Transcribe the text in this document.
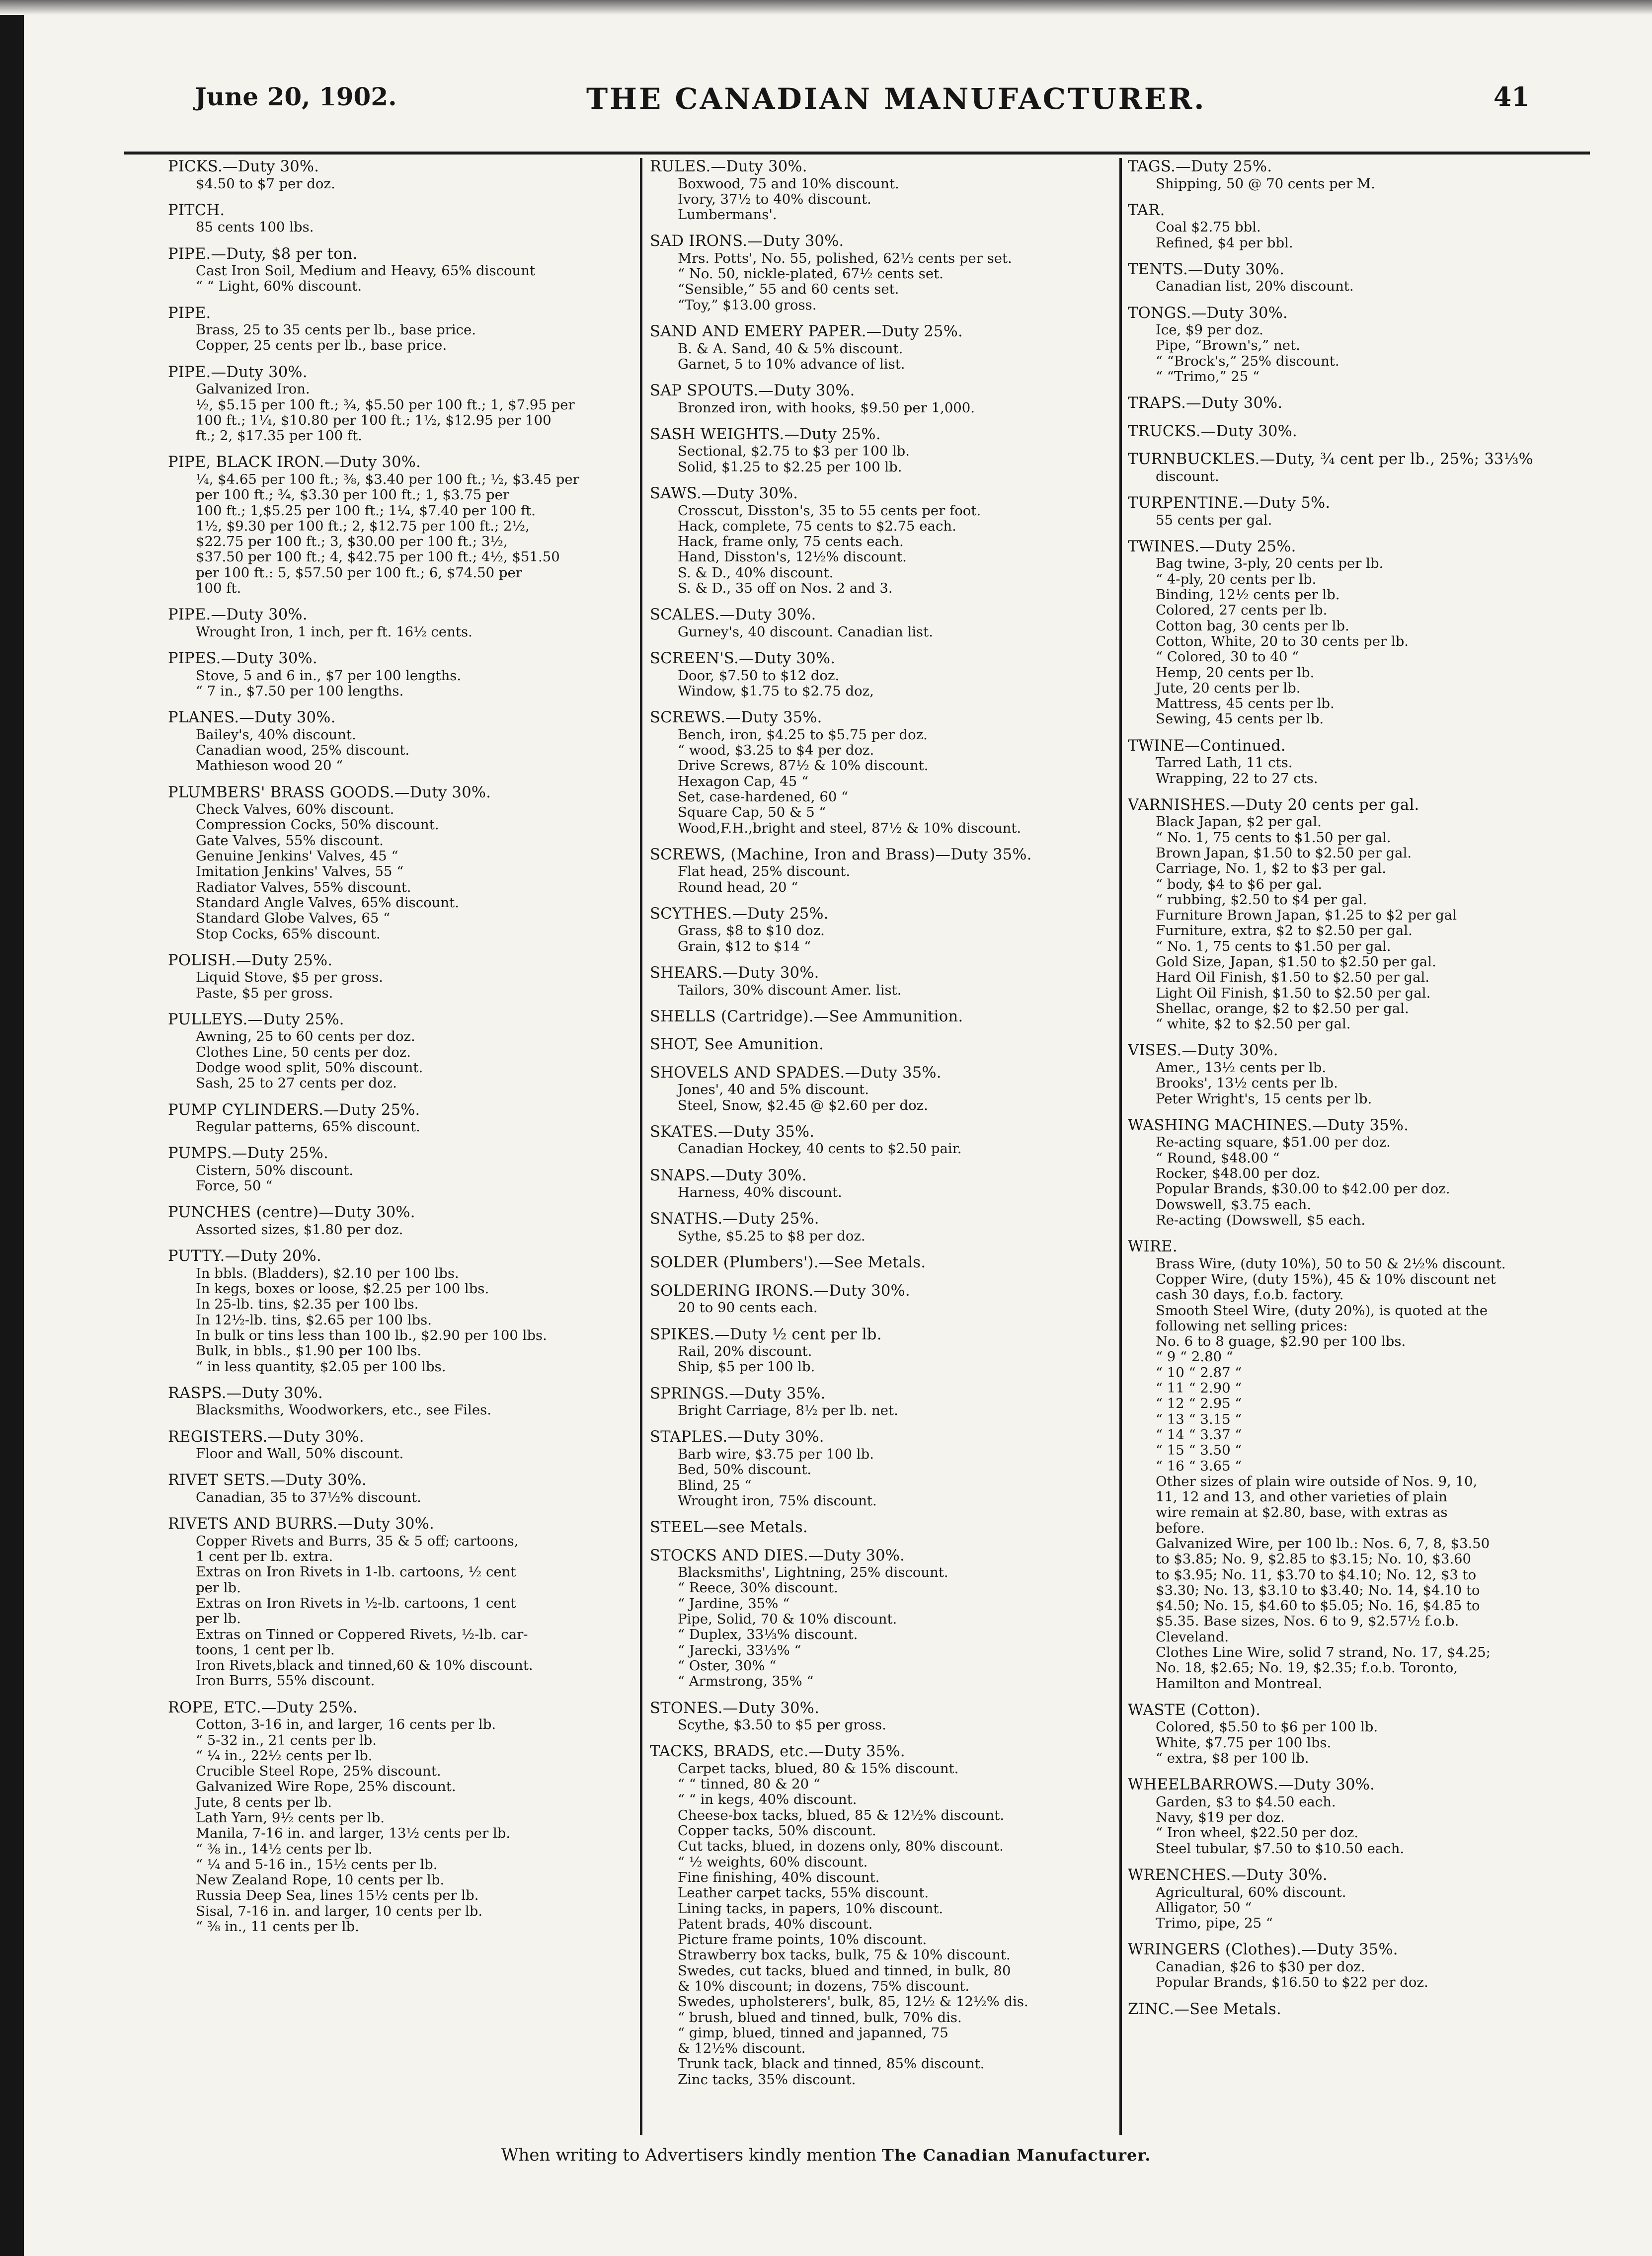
June 20, 1902.	THE CANADIAN MANUFACTURER.	41
PICKS.—Duty 30%.
$4.50 to $7 per doz.
PITCH.
85 cents 100 lbs.
PIPE.—Duty, $8 per ton.
Cast Iron Soil, Medium and Heavy, 65% discount
“ “ Light, 60% discount.
PIPE.
Brass, 25 to 35 cents per lb., base price.
Copper, 25 cents per lb., base price.
PIPE.—Duty 30%.
Galvanized Iron.
½, $5.15 per 100 ft.; ¾, $5.50 per 100 ft.; 1, $7.95 per
100 ft.; 1¼, $10.80 per 100 ft.; 1½, $12.95 per 100
ft.; 2, $17.35 per 100 ft.
PIPE, BLACK IRON.—Duty 30%.
¼, $4.65 per 100 ft.; ⅜, $3.40 per 100 ft.; ½, $3.45 per
per 100 ft.; ¾, $3.30 per 100 ft.; 1, $3.75 per
100 ft.; 1,$5.25 per 100 ft.; 1¼, $7.40 per 100 ft.
1½, $9.30 per 100 ft.; 2, $12.75 per 100 ft.; 2½,
$22.75 per 100 ft.; 3, $30.00 per 100 ft.; 3½,
$37.50 per 100 ft.; 4, $42.75 per 100 ft.; 4½, $51.50
per 100 ft.: 5, $57.50 per 100 ft.; 6, $74.50 per
100 ft.
PIPE.—Duty 30%.
Wrought Iron, 1 inch, per ft. 16½ cents.
PIPES.—Duty 30%.
Stove, 5 and 6 in., $7 per 100 lengths.
“ 7 in., $7.50 per 100 lengths.
PLANES.—Duty 30%.
Bailey's, 40% discount.
Canadian wood, 25% discount.
Mathieson wood 20 “
PLUMBERS' BRASS GOODS.—Duty 30%.
Check Valves, 60% discount.
Compression Cocks, 50% discount.
Gate Valves, 55% discount.
Genuine Jenkins' Valves, 45 “
Imitation Jenkins' Valves, 55 “
Radiator Valves, 55% discount.
Standard Angle Valves, 65% discount.
Standard Globe Valves, 65 “
Stop Cocks, 65% discount.
POLISH.—Duty 25%.
Liquid Stove, $5 per gross.
Paste, $5 per gross.
PULLEYS.—Duty 25%.
Awning, 25 to 60 cents per doz.
Clothes Line, 50 cents per doz.
Dodge wood split, 50% discount.
Sash, 25 to 27 cents per doz.
PUMP CYLINDERS.—Duty 25%.
Regular patterns, 65% discount.
PUMPS.—Duty 25%.
Cistern, 50% discount.
Force, 50 “
PUNCHES (centre)—Duty 30%.
Assorted sizes, $1.80 per doz.
PUTTY.—Duty 20%.
In bbls. (Bladders), $2.10 per 100 lbs.
In kegs, boxes or loose, $2.25 per 100 lbs.
In 25-lb. tins, $2.35 per 100 lbs.
In 12½-lb. tins, $2.65 per 100 lbs.
In bulk or tins less than 100 lb., $2.90 per 100 lbs.
Bulk, in bbls., $1.90 per 100 lbs.
“ in less quantity, $2.05 per 100 lbs.
RASPS.—Duty 30%.
Blacksmiths, Woodworkers, etc., see Files.
REGISTERS.—Duty 30%.
Floor and Wall, 50% discount.
RIVET SETS.—Duty 30%.
Canadian, 35 to 37½% discount.
RIVETS AND BURRS.—Duty 30%.
Copper Rivets and Burrs, 35 & 5 off; cartoons,
1 cent per lb. extra.
Extras on Iron Rivets in 1-lb. cartoons, ½ cent
per lb.
Extras on Iron Rivets in ½-lb. cartoons, 1 cent
per lb.
Extras on Tinned or Coppered Rivets, ½-lb. car-
toons, 1 cent per lb.
Iron Rivets,black and tinned,60 & 10% discount.
Iron Burrs, 55% discount.
ROPE, ETC.—Duty 25%.
Cotton, 3-16 in, and larger, 16 cents per lb.
“ 5-32 in., 21 cents per lb.
“ ¼ in., 22½ cents per lb.
Crucible Steel Rope, 25% discount.
Galvanized Wire Rope, 25% discount.
Jute, 8 cents per lb.
Lath Yarn, 9½ cents per lb.
Manila, 7-16 in. and larger, 13½ cents per lb.
“ ⅜ in., 14½ cents per lb.
“ ¼ and 5-16 in., 15½ cents per lb.
New Zealand Rope, 10 cents per lb.
Russia Deep Sea, lines 15½ cents per lb.
Sisal, 7-16 in. and larger, 10 cents per lb.
“ ⅜ in., 11 cents per lb.
RULES.—Duty 30%.
Boxwood, 75 and 10% discount.
Ivory, 37½ to 40% discount.
Lumbermans'.
SAD IRONS.—Duty 30%.
Mrs. Potts', No. 55, polished, 62½ cents per set.
“ No. 50, nickle-plated, 67½ cents set.
“Sensible,” 55 and 60 cents set.
“Toy,” $13.00 gross.
SAND AND EMERY PAPER.—Duty 25%.
B. & A. Sand, 40 & 5% discount.
Garnet, 5 to 10% advance of list.
SAP SPOUTS.—Duty 30%.
Bronzed iron, with hooks, $9.50 per 1,000.
SASH WEIGHTS.—Duty 25%.
Sectional, $2.75 to $3 per 100 lb.
Solid, $1.25 to $2.25 per 100 lb.
SAWS.—Duty 30%.
Crosscut, Disston's, 35 to 55 cents per foot.
Hack, complete, 75 cents to $2.75 each.
Hack, frame only, 75 cents each.
Hand, Disston's, 12½% discount.
S. & D., 40% discount.
S. & D., 35 off on Nos. 2 and 3.
SCALES.—Duty 30%.
Gurney's, 40 discount. Canadian list.
SCREEN'S.—Duty 30%.
Door, $7.50 to $12 doz.
Window, $1.75 to $2.75 doz,
SCREWS.—Duty 35%.
Bench, iron, $4.25 to $5.75 per doz.
“ wood, $3.25 to $4 per doz.
Drive Screws, 87½ & 10% discount.
Hexagon Cap, 45 “
Set, case-hardened, 60 “
Square Cap, 50 & 5 “
Wood,F.H.,bright and steel, 87½ & 10% discount.
SCREWS, (Machine, Iron and Brass)—Duty 35%.
Flat head, 25% discount.
Round head, 20 “
SCYTHES.—Duty 25%.
Grass, $8 to $10 doz.
Grain, $12 to $14 “
SHEARS.—Duty 30%.
Tailors, 30% discount Amer. list.
SHELLS (Cartridge).—See Ammunition.
SHOT, See Amunition.
SHOVELS AND SPADES.—Duty 35%.
Jones', 40 and 5% discount.
Steel, Snow, $2.45 @ $2.60 per doz.
SKATES.—Duty 35%.
Canadian Hockey, 40 cents to $2.50 pair.
SNAPS.—Duty 30%.
Harness, 40% discount.
SNATHS.—Duty 25%.
Sythe, $5.25 to $8 per doz.
SOLDER (Plumbers').—See Metals.
SOLDERING IRONS.—Duty 30%.
20 to 90 cents each.
SPIKES.—Duty ½ cent per lb.
Rail, 20% discount.
Ship, $5 per 100 lb.
SPRINGS.—Duty 35%.
Bright Carriage, 8½ per lb. net.
STAPLES.—Duty 30%.
Barb wire, $3.75 per 100 lb.
Bed, 50% discount.
Blind, 25 “
Wrought iron, 75% discount.
STEEL—see Metals.
STOCKS AND DIES.—Duty 30%.
Blacksmiths', Lightning, 25% discount.
“ Reece, 30% discount.
“ Jardine, 35% “
Pipe, Solid, 70 & 10% discount.
“ Duplex, 33⅓% discount.
“ Jarecki, 33⅓% “
“ Oster, 30% “
“ Armstrong, 35% “
STONES.—Duty 30%.
Scythe, $3.50 to $5 per gross.
TACKS, BRADS, etc.—Duty 35%.
Carpet tacks, blued, 80 & 15% discount.
“ “ tinned, 80 & 20 “
“ “ in kegs, 40% discount.
Cheese-box tacks, blued, 85 & 12½% discount.
Copper tacks, 50% discount.
Cut tacks, blued, in dozens only, 80% discount.
“ ½ weights, 60% discount.
Fine finishing, 40% discount.
Leather carpet tacks, 55% discount.
Lining tacks, in papers, 10% discount.
Patent brads, 40% discount.
Picture frame points, 10% discount.
Strawberry box tacks, bulk, 75 & 10% discount.
Swedes, cut tacks, blued and tinned, in bulk, 80
& 10% discount; in dozens, 75% discount.
Swedes, upholsterers', bulk, 85, 12½ & 12½% dis.
“ brush, blued and tinned, bulk, 70% dis.
“ gimp, blued, tinned and japanned, 75
& 12½% discount.
Trunk tack, black and tinned, 85% discount.
Zinc tacks, 35% discount.
TAGS.—Duty 25%.
Shipping, 50 @ 70 cents per M.
TAR.
Coal $2.75 bbl.
Refined, $4 per bbl.
TENTS.—Duty 30%.
Canadian list, 20% discount.
TONGS.—Duty 30%.
Ice, $9 per doz.
Pipe, “Brown's,” net.
“ “Brock's,” 25% discount.
“ “Trimo,” 25 “
TRAPS.—Duty 30%.
TRUCKS.—Duty 30%.
TURNBUCKLES.—Duty, ¾ cent per lb., 25%; 33⅓%
discount.
TURPENTINE.—Duty 5%.
55 cents per gal.
TWINES.—Duty 25%.
Bag twine, 3-ply, 20 cents per lb.
“ 4-ply, 20 cents per lb.
Binding, 12½ cents per lb.
Colored, 27 cents per lb.
Cotton bag, 30 cents per lb.
Cotton, White, 20 to 30 cents per lb.
“ Colored, 30 to 40 “
Hemp, 20 cents per lb.
Jute, 20 cents per lb.
Mattress, 45 cents per lb.
Sewing, 45 cents per lb.
TWINE—Continued.
Tarred Lath, 11 cts.
Wrapping, 22 to 27 cts.
VARNISHES.—Duty 20 cents per gal.
Black Japan, $2 per gal.
“ No. 1, 75 cents to $1.50 per gal.
Brown Japan, $1.50 to $2.50 per gal.
Carriage, No. 1, $2 to $3 per gal.
“ body, $4 to $6 per gal.
“ rubbing, $2.50 to $4 per gal.
Furniture Brown Japan, $1.25 to $2 per gal
Furniture, extra, $2 to $2.50 per gal.
“ No. 1, 75 cents to $1.50 per gal.
Gold Size, Japan, $1.50 to $2.50 per gal.
Hard Oil Finish, $1.50 to $2.50 per gal.
Light Oil Finish, $1.50 to $2.50 per gal.
Shellac, orange, $2 to $2.50 per gal.
“ white, $2 to $2.50 per gal.
VISES.—Duty 30%.
Amer., 13½ cents per lb.
Brooks', 13½ cents per lb.
Peter Wright's, 15 cents per lb.
WASHING MACHINES.—Duty 35%.
Re-acting square, $51.00 per doz.
“ Round, $48.00 “
Rocker, $48.00 per doz.
Popular Brands, $30.00 to $42.00 per doz.
Dowswell, $3.75 each.
Re-acting (Dowswell, $5 each.
WIRE.
Brass Wire, (duty 10%), 50 to 50 & 2½% discount.
Copper Wire, (duty 15%), 45 & 10% discount net
cash 30 days, f.o.b. factory.
Smooth Steel Wire, (duty 20%), is quoted at the
following net selling prices:
No. 6 to 8 guage, $2.90 per 100 lbs.
“ 9 “ 2.80 “
“ 10 “ 2.87 “
“ 11 “ 2.90 “
“ 12 “ 2.95 “
“ 13 “ 3.15 “
“ 14 “ 3.37 “
“ 15 “ 3.50 “
“ 16 “ 3.65 “
Other sizes of plain wire outside of Nos. 9, 10,
11, 12 and 13, and other varieties of plain
wire remain at $2.80, base, with extras as
before.
Galvanized Wire, per 100 lb.: Nos. 6, 7, 8, $3.50
to $3.85; No. 9, $2.85 to $3.15; No. 10, $3.60
to $3.95; No. 11, $3.70 to $4.10; No. 12, $3 to
$3.30; No. 13, $3.10 to $3.40; No. 14, $4.10 to
$4.50; No. 15, $4.60 to $5.05; No. 16, $4.85 to
$5.35. Base sizes, Nos. 6 to 9, $2.57½ f.o.b.
Cleveland.
Clothes Line Wire, solid 7 strand, No. 17, $4.25;
No. 18, $2.65; No. 19, $2.35; f.o.b. Toronto,
Hamilton and Montreal.
WASTE (Cotton).
Colored, $5.50 to $6 per 100 lb.
White, $7.75 per 100 lbs.
“ extra, $8 per 100 lb.
WHEELBARROWS.—Duty 30%.
Garden, $3 to $4.50 each.
Navy, $19 per doz.
“ Iron wheel, $22.50 per doz.
Steel tubular, $7.50 to $10.50 each.
WRENCHES.—Duty 30%.
Agricultural, 60% discount.
Alligator, 50 “
Trimo, pipe, 25 “
WRINGERS (Clothes).—Duty 35%.
Canadian, $26 to $30 per doz.
Popular Brands, $16.50 to $22 per doz.
ZINC.—See Metals.
When writing to Advertisers kindly mention The Canadian Manufacturer.
